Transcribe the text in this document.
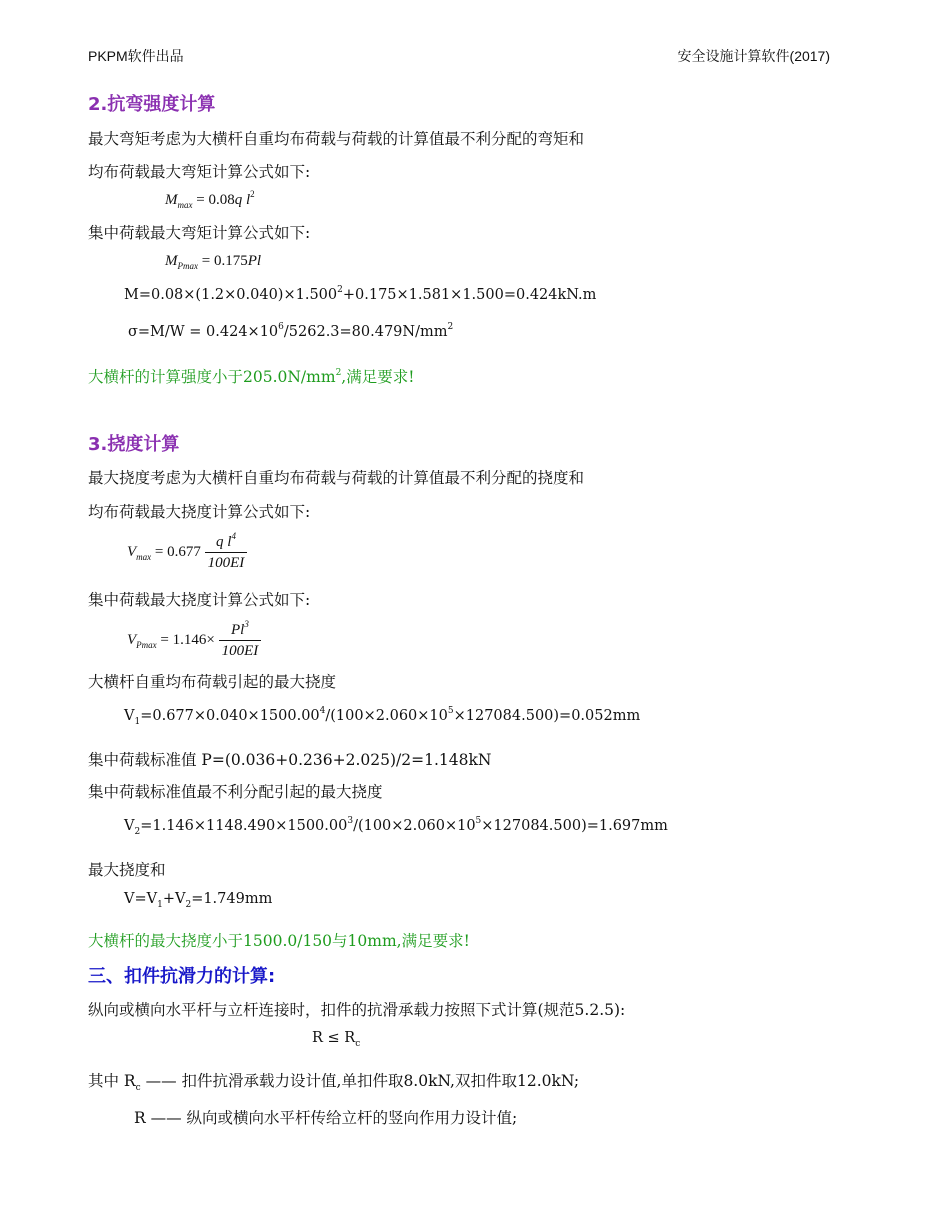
PKPM软件出品	安全设施计算软件(2017)
2.抗弯强度计算
最大弯矩考虑为大横杆自重均布荷载与荷载的计算值最不利分配的弯矩和
均布荷载最大弯矩计算公式如下:
$M_{max} = 0.08q$ $l^2$
集中荷载最大弯矩计算公式如下:
$M_{Pmax} = 0.175Pl$
$M=0.08\times(1.2\times 0.040)\times 1.500^2+0.175\times 1.581\times 1.500=0.424kN.m$
$\sigma=M/W = 0.424\times 10^6/5262.3=80.479N/mm^2$
大横杆的计算强度小于$205.0N/mm^2$,满足要求!
3.挠度计算
最大挠度考虑为大横杆自重均布荷载与荷载的计算值最不利分配的挠度和
均布荷载最大挠度计算公式如下:
$V_{max} = 0.677 \frac{q l^4}{100EI}$
集中荷载最大挠度计算公式如下:
$V_{Pmax} = 1.146\times \frac{Pl^3}{100EI}$
大横杆自重均布荷载引起的最大挠度
$V_1=0.677\times 0.040\times 1500.00^4/(100\times 2.060\times 10^5\times 127084.500)=0.052mm$
集中荷载标准值 P=(0.036+0.236+2.025)/2=1.148kN
集中荷载标准值最不利分配引起的最大挠度
$V_2=1.146\times 1148.490\times 1500.00^3/(100\times 2.060\times 10^5\times 127084.500)=1.697mm$
最大挠度和
$V=V_1+V_2=1.749mm$
大横杆的最大挠度小于1500.0/150与10mm,满足要求!
三、扣件抗滑力的计算:
纵向或横向水平杆与立杆连接时，扣件的抗滑承载力按照下式计算(规范5.2.5):
$R \le R_c$
其中 $R_c$ —— 扣件抗滑承载力设计值,单扣件取8.0kN,双扣件取12.0kN;
R —— 纵向或横向水平杆传给立杆的竖向作用力设计值;
